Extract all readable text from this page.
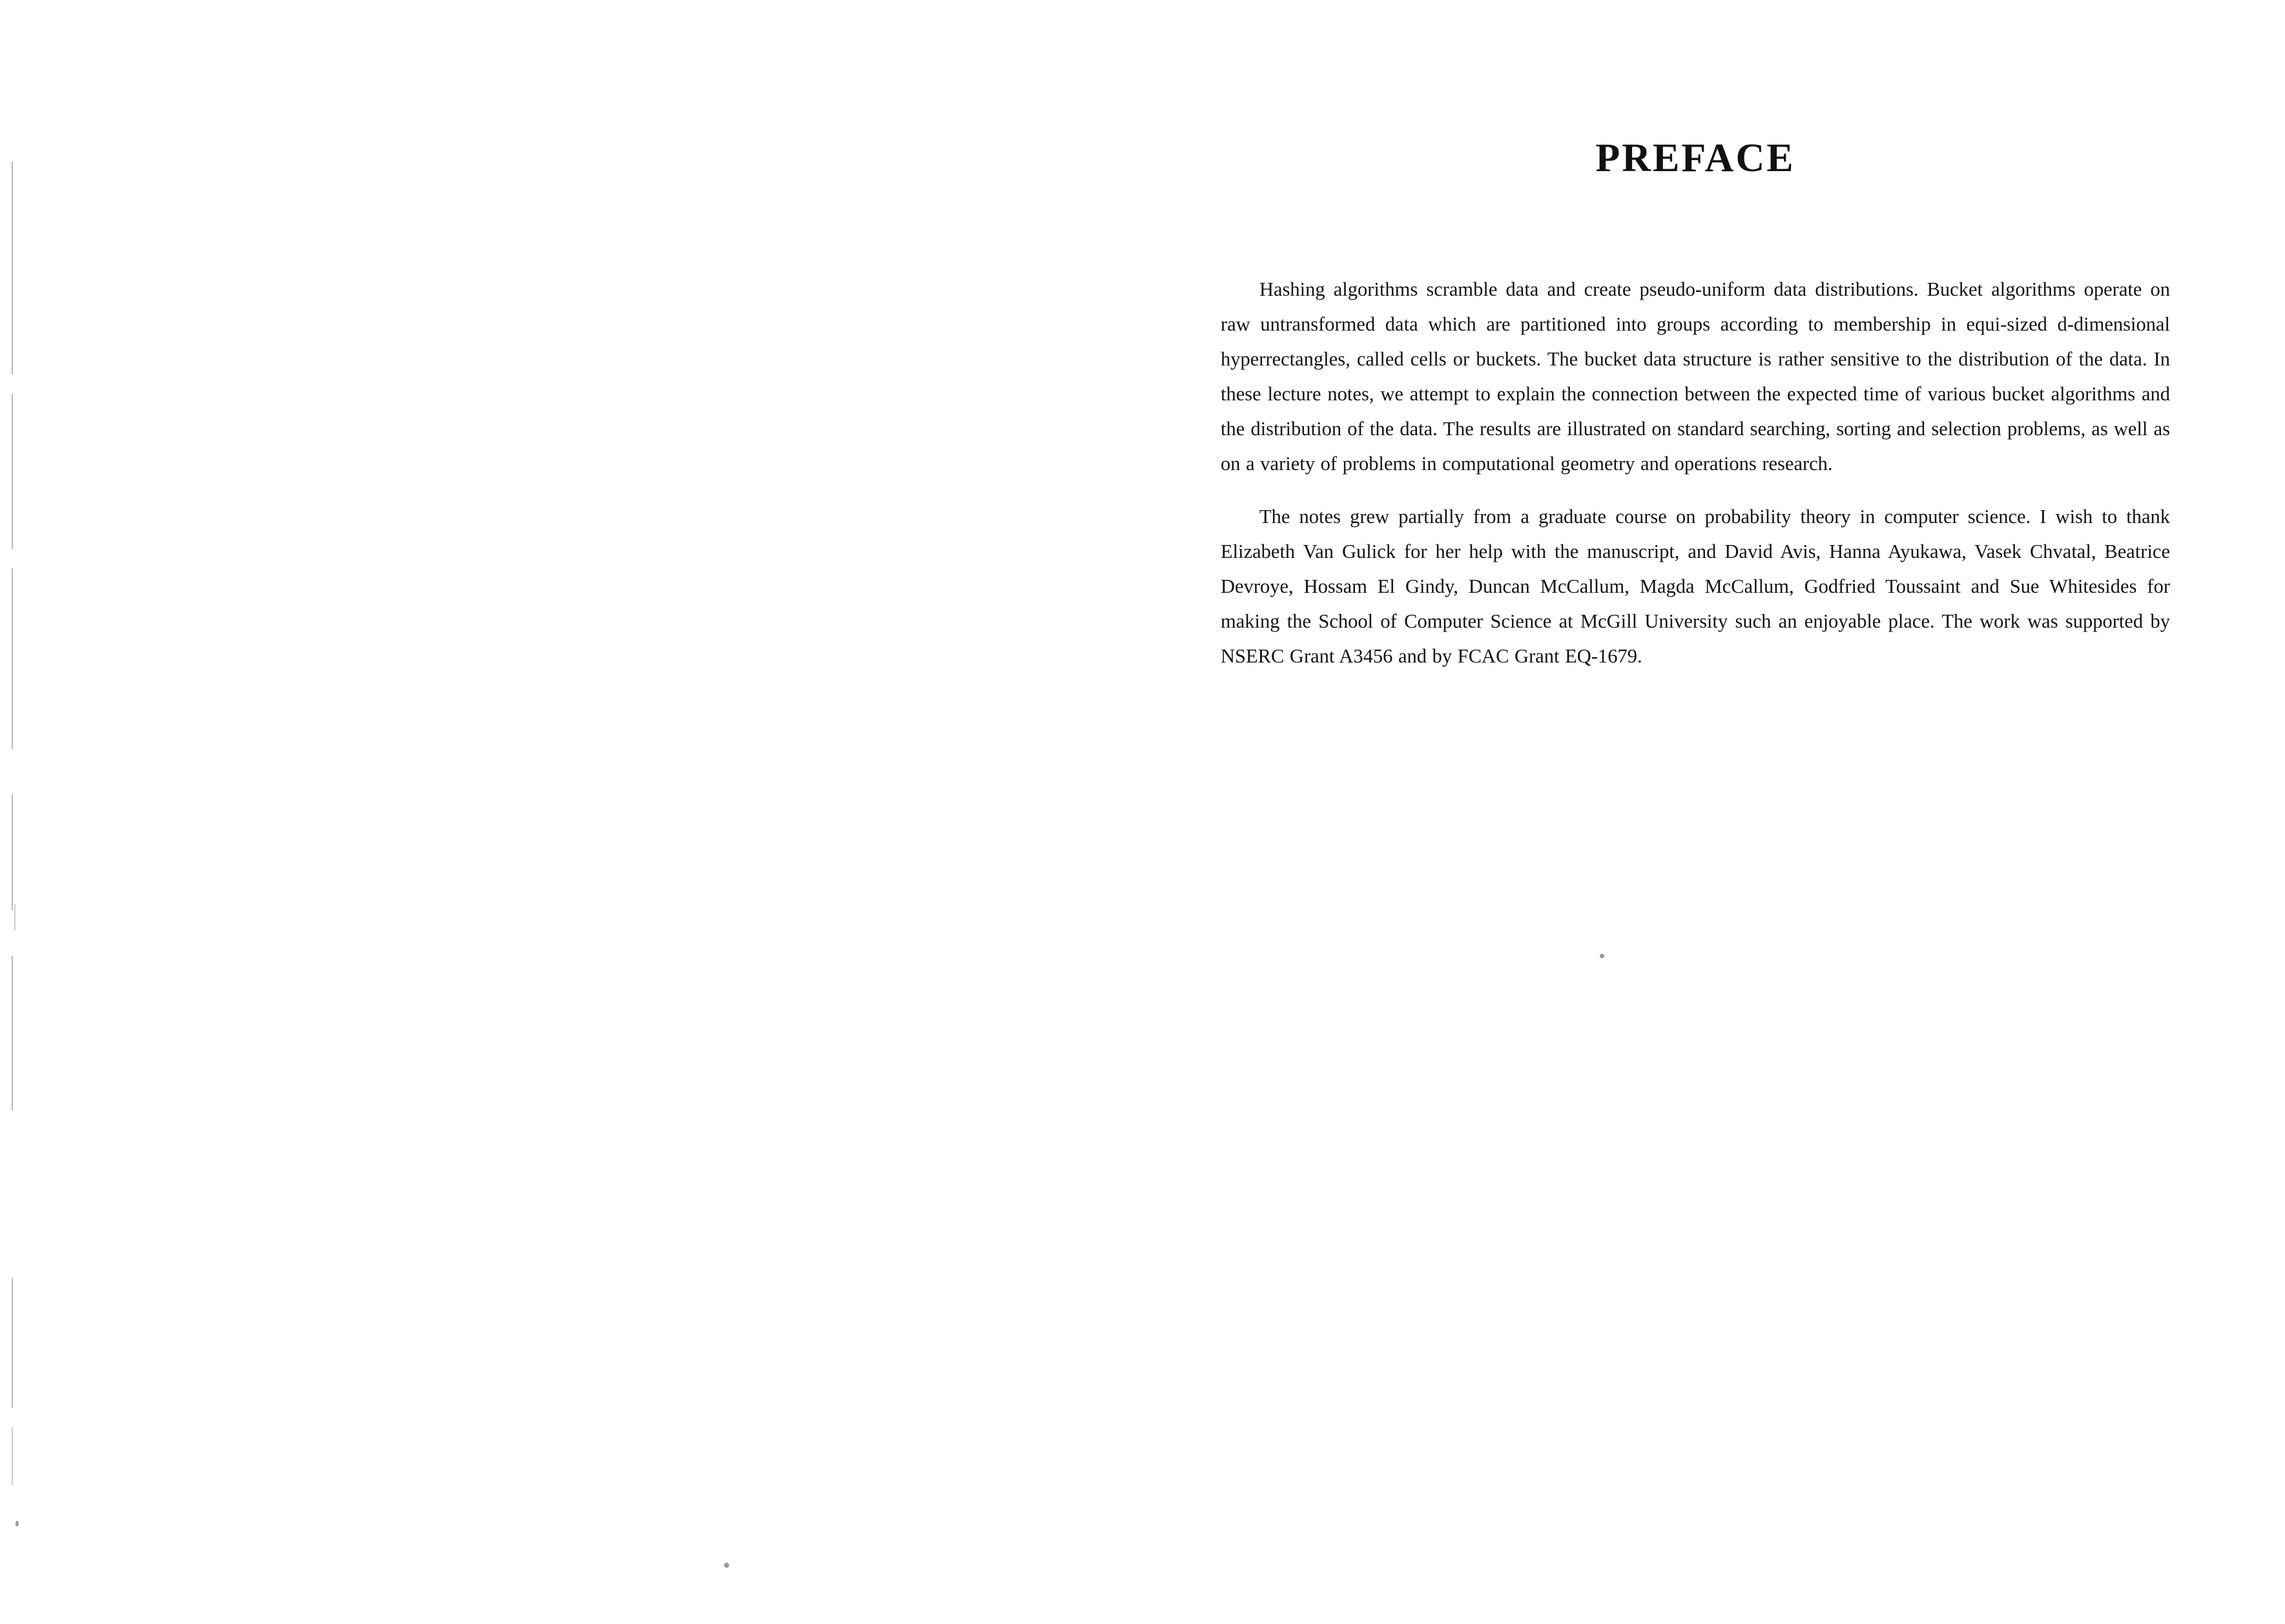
PREFACE

Hashing algorithms scramble data and create pseudo-uniform data distributions. Bucket algorithms operate on raw untransformed data which are partitioned into groups according to membership in equi-sized d-dimensional hyperrectangles, called cells or buckets. The bucket data structure is rather sensitive to the distribution of the data. In these lecture notes, we attempt to explain the connection between the expected time of various bucket algorithms and the distribution of the data. The results are illustrated on standard searching, sorting and selection problems, as well as on a variety of problems in computational geometry and operations research.

The notes grew partially from a graduate course on probability theory in computer science. I wish to thank Elizabeth Van Gulick for her help with the manuscript, and David Avis, Hanna Ayukawa, Vasek Chvatal, Beatrice Devroye, Hossam El Gindy, Duncan McCallum, Magda McCallum, Godfried Toussaint and Sue Whitesides for making the School of Computer Science at McGill University such an enjoyable place. The work was supported by NSERC Grant A3456 and by FCAC Grant EQ-1679.
